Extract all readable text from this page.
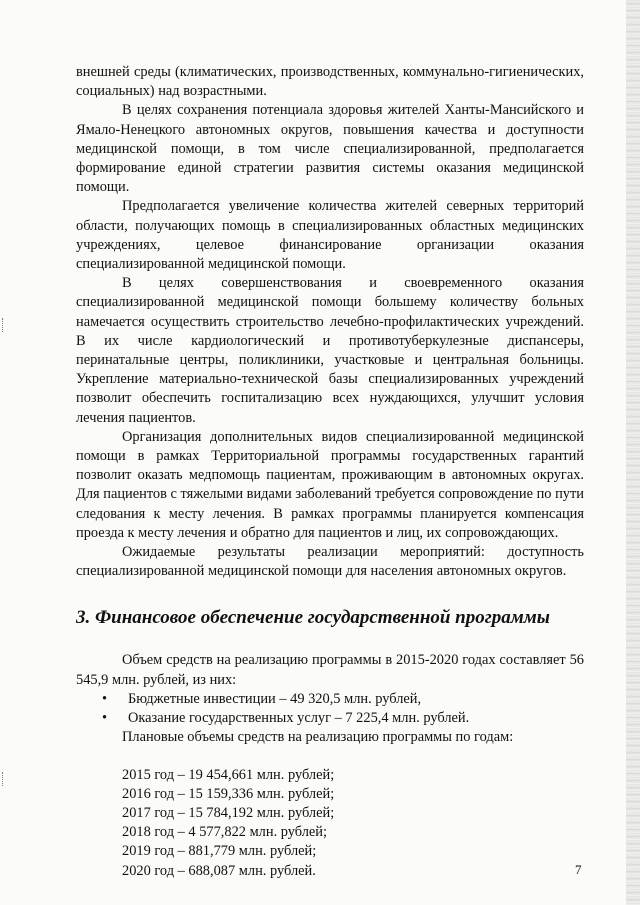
внешней среды (климатических, производственных, коммунально-гигиенических, социальных) над возрастными.

В целях сохранения потенциала здоровья жителей Ханты-Мансийского и Ямало-Ненецкого автономных округов, повышения качества и доступности медицинской помощи, в том числе специализированной, предполагается формирование единой стратегии развития системы оказания медицинской помощи.

Предполагается увеличение количества жителей северных территорий области, получающих помощь в специализированных областных медицинских учреждениях, целевое финансирование организации оказания специализированной медицинской помощи.

В целях совершенствования и своевременного оказания специализированной медицинской помощи большему количеству больных намечается осуществить строительство лечебно-профилактических учреждений. В их числе кардиологический и противотуберкулезные диспансеры, перинатальные центры, поликлиники, участковые и центральная больницы. Укрепление материально-технической базы специализированных учреждений позволит обеспечить госпитализацию всех нуждающихся, улучшит условия лечения пациентов.

Организация дополнительных видов специализированной медицинской помощи в рамках Территориальной программы государственных гарантий позволит оказать медпомощь пациентам, проживающим в автономных округах. Для пациентов с тяжелыми видами заболеваний требуется сопровождение по пути следования к месту лечения. В рамках программы планируется компенсация проезда к месту лечения и обратно для пациентов и лиц, их сопровождающих.

Ожидаемые результаты реализации мероприятий: доступность специализированной медицинской помощи для населения автономных округов.

3. Финансовое обеспечение государственной программы

Объем средств на реализацию программы в 2015-2020 годах составляет 56 545,9 млн. рублей, из них:

• Бюджетные инвестиции – 49 320,5 млн. рублей,
• Оказание государственных услуг – 7 225,4 млн. рублей.

Плановые объемы средств на реализацию программы по годам:

2015 год – 19 454,661 млн. рублей;
2016 год – 15 159,336 млн. рублей;
2017 год – 15 784,192 млн. рублей;
2018 год – 4 577,822 млн. рублей;
2019 год – 881,779 млн. рублей;
2020 год – 688,087 млн. рублей.	7
